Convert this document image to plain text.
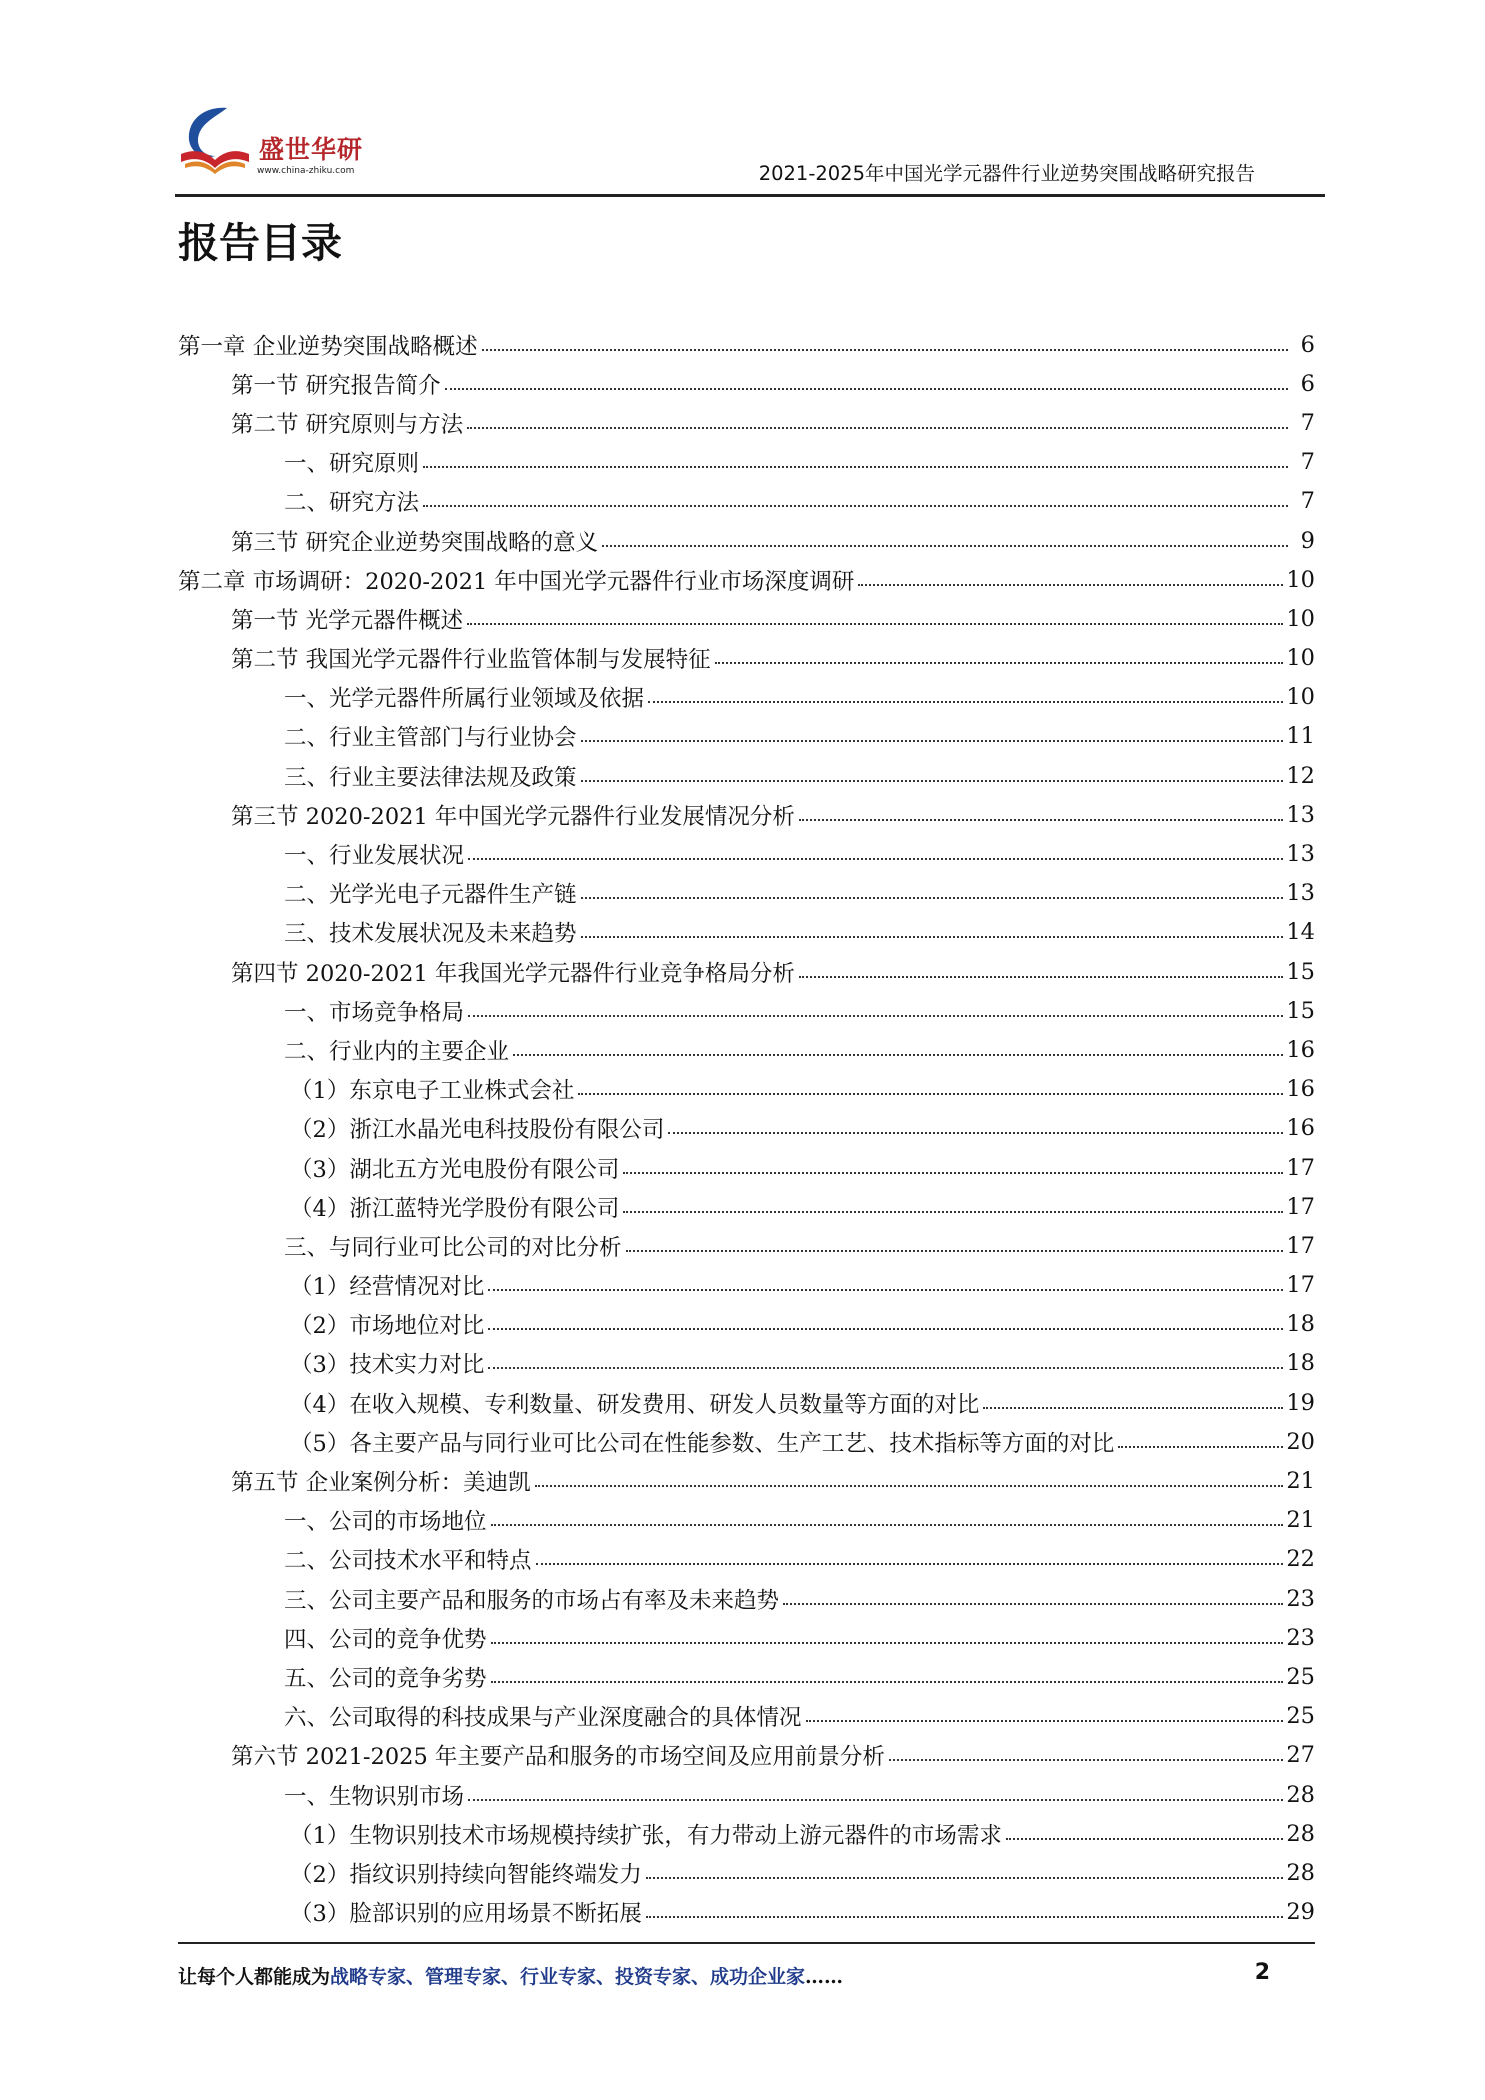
盛世华研
www.china-zhiku.com	2021-2025年中国光学元器件行业逆势突围战略研究报告
报告目录
第一章 企业逆势突围战略概述	6
第一节 研究报告简介	6
第二节 研究原则与方法	7
一、研究原则	7
二、研究方法	7
第三节 研究企业逆势突围战略的意义	9
第二章 市场调研：2020-2021 年中国光学元器件行业市场深度调研	10
第一节 光学元器件概述	10
第二节 我国光学元器件行业监管体制与发展特征	10
一、光学元器件所属行业领域及依据	10
二、行业主管部门与行业协会	11
三、行业主要法律法规及政策	12
第三节 2020-2021 年中国光学元器件行业发展情况分析	13
一、行业发展状况	13
二、光学光电子元器件生产链	13
三、技术发展状况及未来趋势	14
第四节 2020-2021 年我国光学元器件行业竞争格局分析	15
一、市场竞争格局	15
二、行业内的主要企业	16
（1）东京电子工业株式会社	16
（2）浙江水晶光电科技股份有限公司	16
（3）湖北五方光电股份有限公司	17
（4）浙江蓝特光学股份有限公司	17
三、与同行业可比公司的对比分析	17
（1）经营情况对比	17
（2）市场地位对比	18
（3）技术实力对比	18
（4）在收入规模、专利数量、研发费用、研发人员数量等方面的对比	19
（5）各主要产品与同行业可比公司在性能参数、生产工艺、技术指标等方面的对比	20
第五节 企业案例分析：美迪凯	21
一、公司的市场地位	21
二、公司技术水平和特点	22
三、公司主要产品和服务的市场占有率及未来趋势	23
四、公司的竞争优势	23
五、公司的竞争劣势	25
六、公司取得的科技成果与产业深度融合的具体情况	25
第六节 2021-2025 年主要产品和服务的市场空间及应用前景分析	27
一、生物识别市场	28
（1）生物识别技术市场规模持续扩张，有力带动上游元器件的市场需求	28
（2）指纹识别持续向智能终端发力	28
（3）脸部识别的应用场景不断拓展	29
让每个人都能成为战略专家、管理专家、行业专家、投资专家、成功企业家……	2
